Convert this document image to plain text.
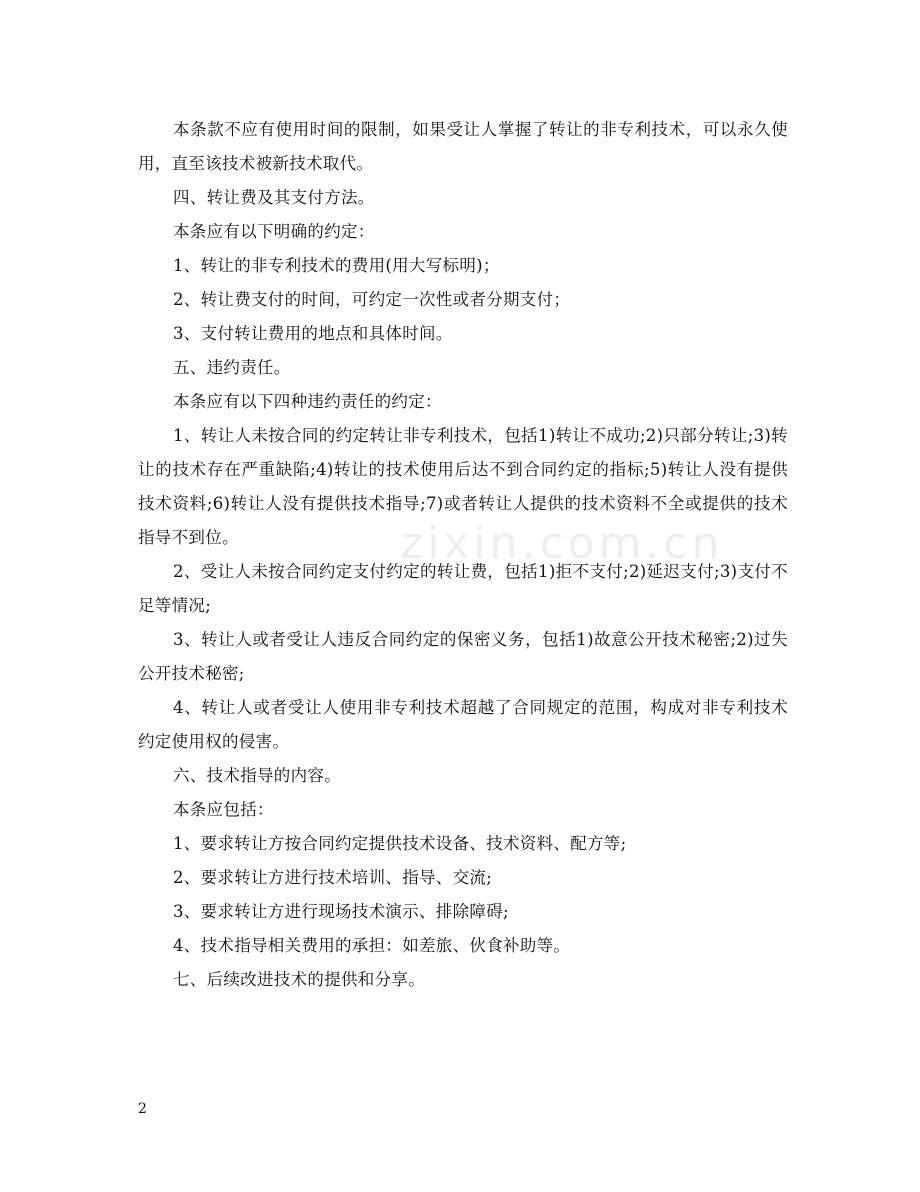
本条款不应有使用时间的限制，如果受让人掌握了转让的非专利技术，可以永久使用，直至该技术被新技术取代。

四、转让费及其支付方法。

本条应有以下明确的约定：

1、转让的非专利技术的费用(用大写标明)；

2、转让费支付的时间，可约定一次性或者分期支付；

3、支付转让费用的地点和具体时间。

五、违约责任。

本条应有以下四种违约责任的约定：

1、转让人未按合同的约定转让非专利技术，包括1)转让不成功;2)只部分转让;3)转让的技术存在严重缺陷;4)转让的技术使用后达不到合同约定的指标;5)转让人没有提供技术资料;6)转让人没有提供技术指导;7)或者转让人提供的技术资料不全或提供的技术指导不到位。

2、受让人未按合同约定支付约定的转让费，包括1)拒不支付;2)延迟支付;3)支付不足等情况;

3、转让人或者受让人违反合同约定的保密义务，包括1)故意公开技术秘密;2)过失公开技术秘密;

4、转让人或者受让人使用非专利技术超越了合同规定的范围，构成对非专利技术约定使用权的侵害。

六、技术指导的内容。

本条应包括：

1、要求转让方按合同约定提供技术设备、技术资料、配方等;

2、要求转让方进行技术培训、指导、交流;

3、要求转让方进行现场技术演示、排除障碍;

4、技术指导相关费用的承担：如差旅、伙食补助等。

七、后续改进技术的提供和分享。

zixin.com.cn
2
